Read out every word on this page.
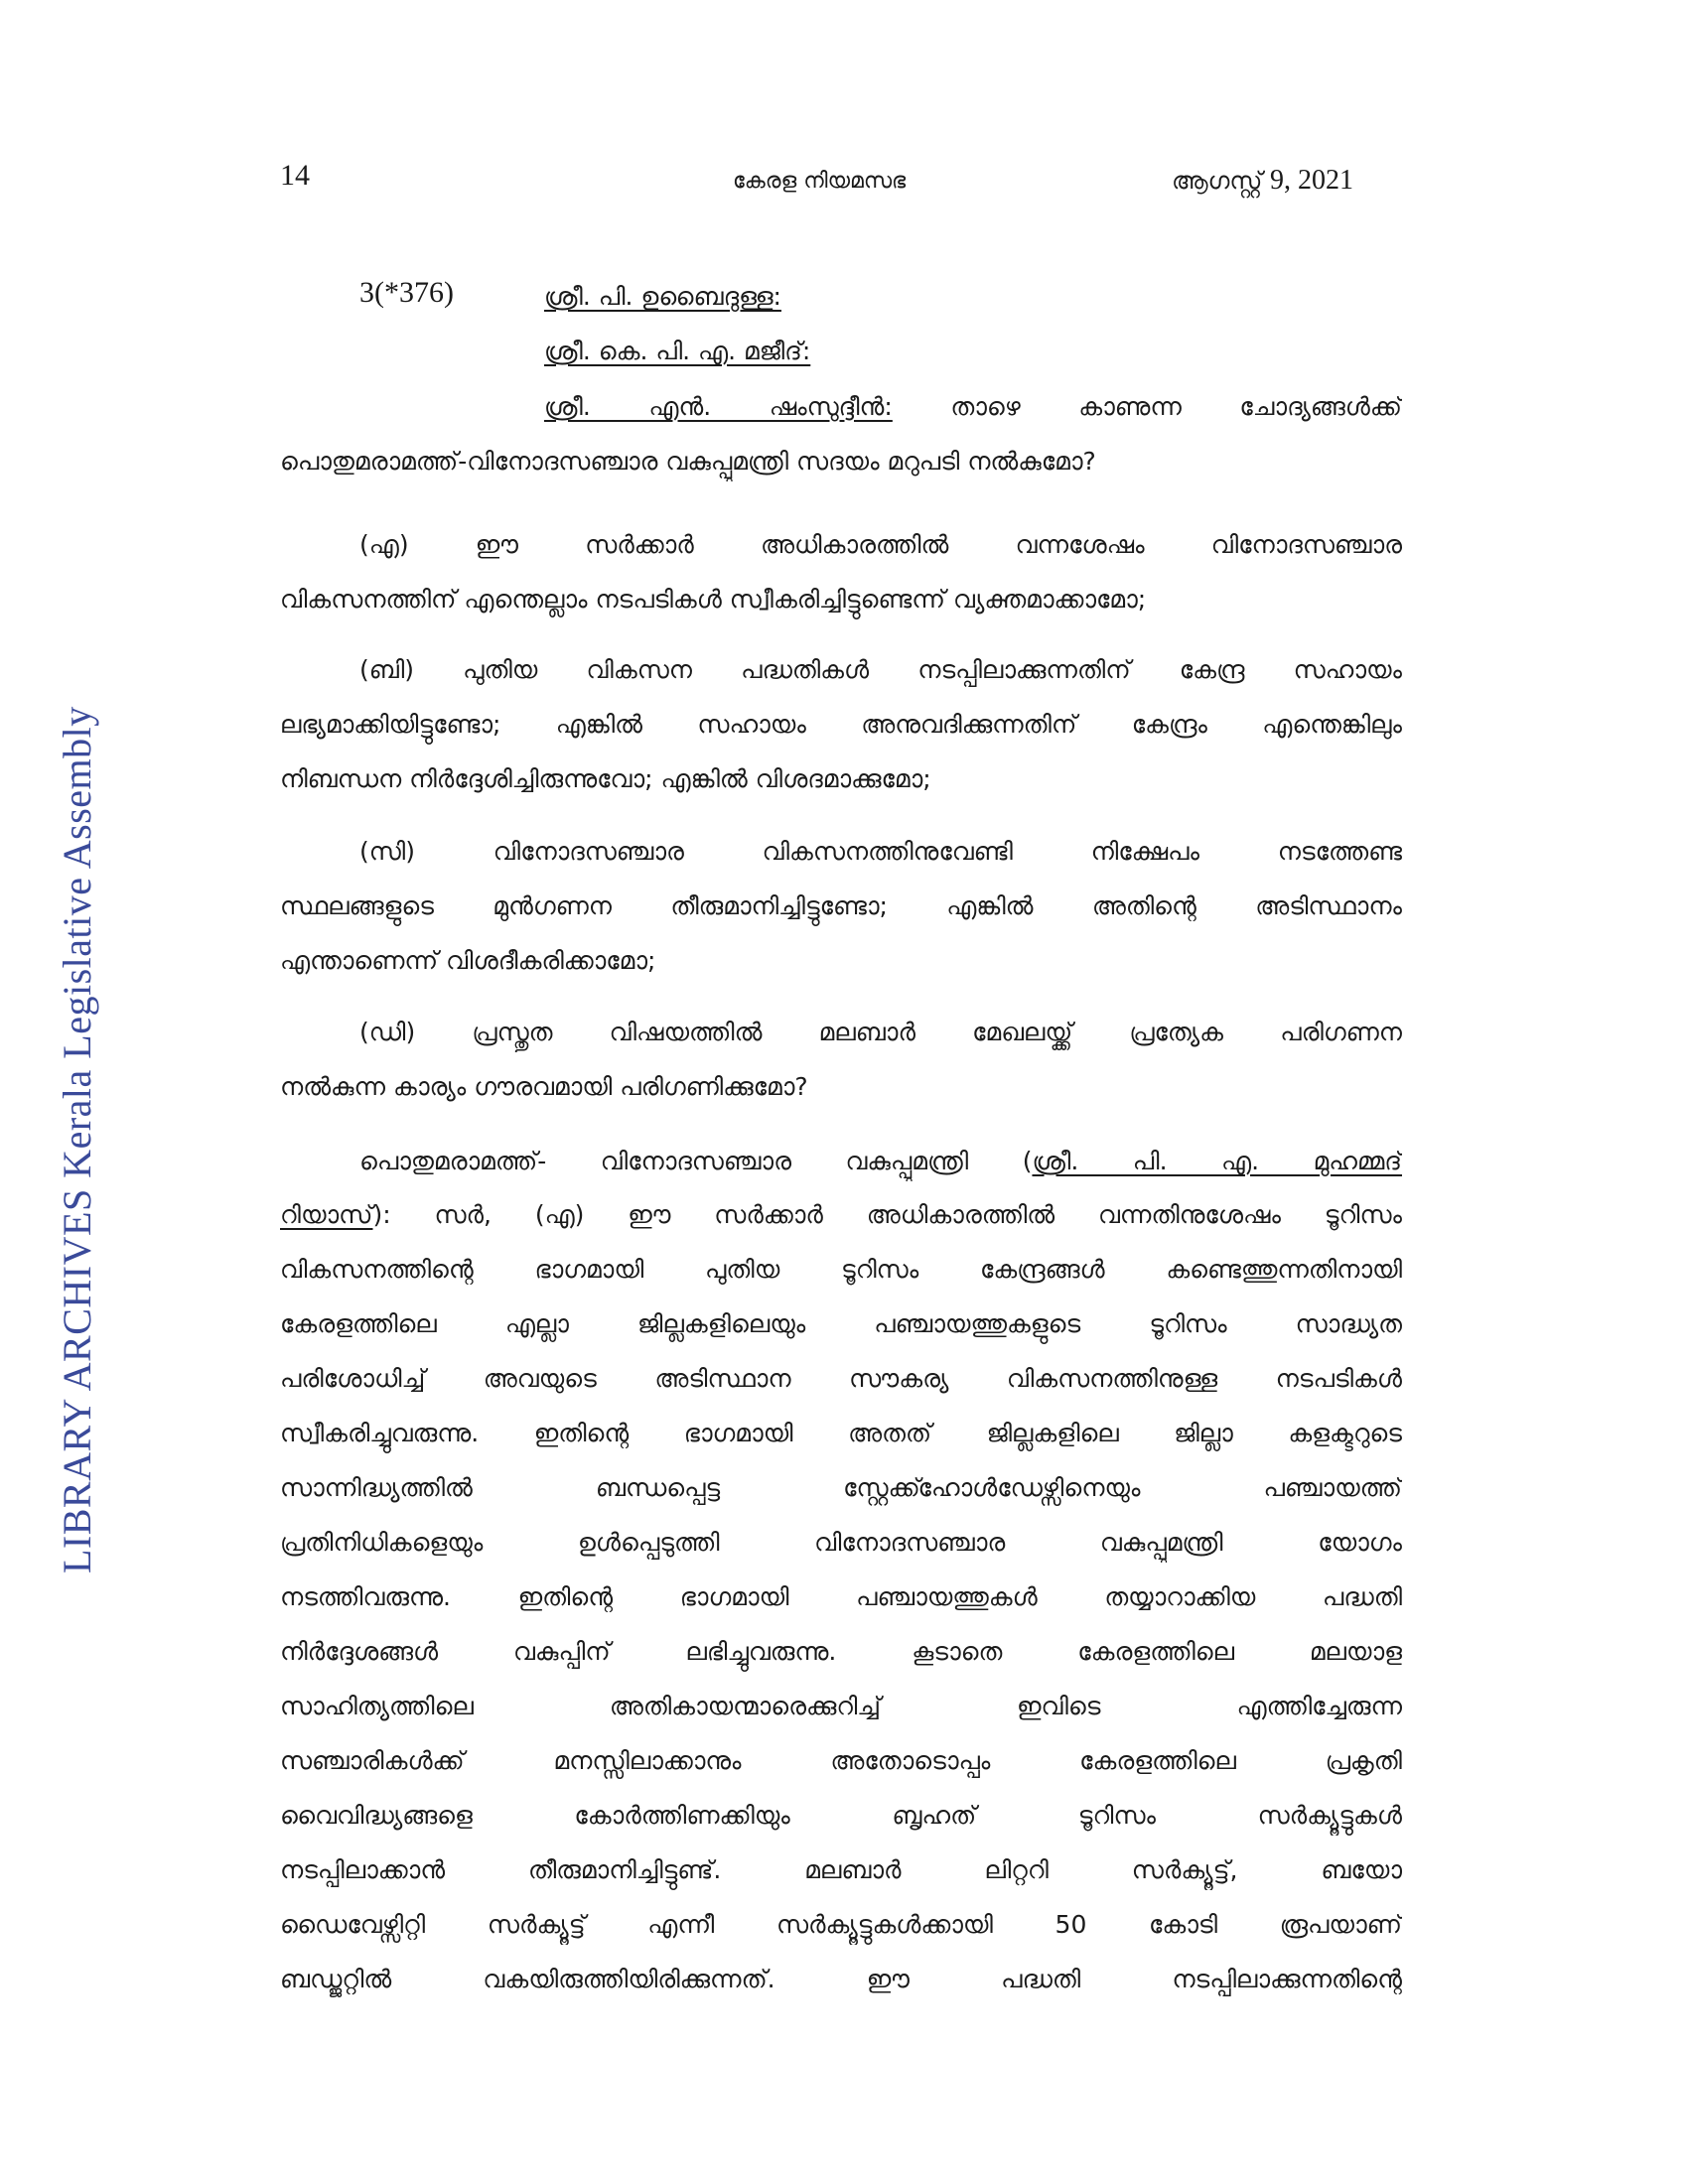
LIBRARY ARCHIVES Kerala Legislative Assembly
14	കേരള നിയമസഭ	ആഗസ്റ്റ് 9, 2021
3(*376)	ശ്രീ. പി. ഉബൈദുള്ള:
ശ്രീ. കെ. പി. എ. മജീദ്:
ശ്രീ. എൻ. ഷംസുദ്ദീൻ: താഴെ കാണുന്ന ചോദ്യങ്ങൾക്ക്
പൊതുമരാമത്ത്-വിനോദസഞ്ചാര വകുപ്പുമന്ത്രി സദയം മറുപടി നൽകുമോ?
(എ) ഈ സർക്കാർ അധികാരത്തിൽ വന്നശേഷം വിനോദസഞ്ചാര
വികസനത്തിന് എന്തെല്ലാം നടപടികൾ സ്വീകരിച്ചിട്ടുണ്ടെന്ന് വ്യക്തമാക്കാമോ;
(ബി) പുതിയ വികസന പദ്ധതികൾ നടപ്പിലാക്കുന്നതിന് കേന്ദ്ര സഹായം
ലഭ്യമാക്കിയിട്ടുണ്ടോ; എങ്കിൽ സഹായം അനുവദിക്കുന്നതിന് കേന്ദ്രം എന്തെങ്കിലും
നിബന്ധന നിർദ്ദേശിച്ചിരുന്നുവോ; എങ്കിൽ വിശദമാക്കുമോ;
(സി) വിനോദസഞ്ചാര വികസനത്തിനുവേണ്ടി നിക്ഷേപം നടത്തേണ്ട
സ്ഥലങ്ങളുടെ മുൻഗണന തീരുമാനിച്ചിട്ടുണ്ടോ; എങ്കിൽ അതിന്റെ അടിസ്ഥാനം
എന്താണെന്ന് വിശദീകരിക്കാമോ;
(ഡി) പ്രസ്തുത വിഷയത്തിൽ മലബാർ മേഖലയ്ക്ക് പ്രത്യേക പരിഗണന
നൽകുന്ന കാര്യം ഗൗരവമായി പരിഗണിക്കുമോ?
പൊതുമരാമത്ത്- വിനോദസഞ്ചാര വകുപ്പുമന്ത്രി (ശ്രീ. പി. എ. മുഹമ്മദ്
റിയാസ്): സർ, (എ) ഈ സർക്കാർ അധികാരത്തിൽ വന്നതിനുശേഷം ടൂറിസം
വികസനത്തിന്റെ ഭാഗമായി പുതിയ ടൂറിസം കേന്ദ്രങ്ങൾ കണ്ടെത്തുന്നതിനായി
കേരളത്തിലെ എല്ലാ ജില്ലകളിലെയും പഞ്ചായത്തുകളുടെ ടൂറിസം സാദ്ധ്യത
പരിശോധിച്ച് അവയുടെ അടിസ്ഥാന സൗകര്യ വികസനത്തിനുള്ള നടപടികൾ
സ്വീകരിച്ചുവരുന്നു. ഇതിന്റെ ഭാഗമായി അതത് ജില്ലകളിലെ ജില്ലാ കളക്ടറുടെ
സാന്നിദ്ധ്യത്തിൽ ബന്ധപ്പെട്ട സ്റ്റേക്ക്ഹോൾഡേഴ്സിനെയും പഞ്ചായത്ത്
പ്രതിനിധികളെയും ഉൾപ്പെടുത്തി വിനോദസഞ്ചാര വകുപ്പുമന്ത്രി യോഗം
നടത്തിവരുന്നു. ഇതിന്റെ ഭാഗമായി പഞ്ചായത്തുകൾ തയ്യാറാക്കിയ പദ്ധതി
നിർദ്ദേശങ്ങൾ വകുപ്പിന് ലഭിച്ചുവരുന്നു. കൂടാതെ കേരളത്തിലെ മലയാള
സാഹിത്യത്തിലെ അതികായന്മാരെക്കുറിച്ച് ഇവിടെ എത്തിച്ചേരുന്ന
സഞ്ചാരികൾക്ക് മനസ്സിലാക്കാനും അതോടൊപ്പം കേരളത്തിലെ പ്രകൃതി
വൈവിദ്ധ്യങ്ങളെ കോർത്തിണക്കിയും ബൃഹത് ടൂറിസം സർക്യൂട്ടുകൾ
നടപ്പിലാക്കാൻ തീരുമാനിച്ചിട്ടുണ്ട്. മലബാർ ലിറ്ററി സർക്യൂട്ട്, ബയോ
ഡൈവേഴ്സിറ്റി സർക്യൂട്ട് എന്നീ സർക്യൂട്ടുകൾക്കായി 50 കോടി രൂപയാണ്
ബഡ്ജറ്റിൽ വകയിരുത്തിയിരിക്കുന്നത്. ഈ പദ്ധതി നടപ്പിലാക്കുന്നതിന്റെ
